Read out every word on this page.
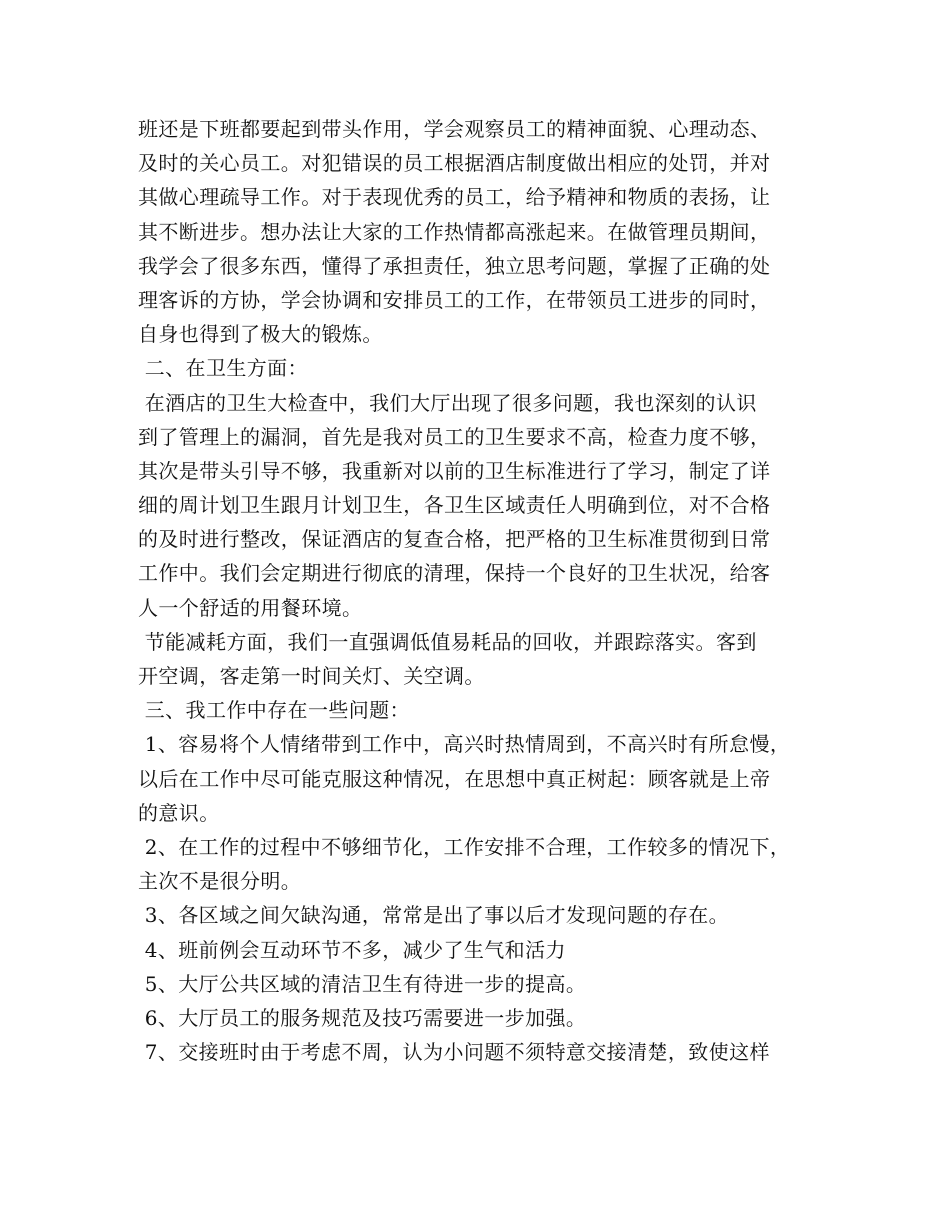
班还是下班都要起到带头作用，学会观察员工的精神面貌、心理动态、
及时的关心员工。对犯错误的员工根据酒店制度做出相应的处罚，并对
其做心理疏导工作。对于表现优秀的员工，给予精神和物质的表扬，让
其不断进步。想办法让大家的工作热情都高涨起来。在做管理员期间，
我学会了很多东西，懂得了承担责任，独立思考问题，掌握了正确的处
理客诉的方协，学会协调和安排员工的工作，在带领员工进步的同时，
自身也得到了极大的锻炼。
二、在卫生方面：
在酒店的卫生大检查中，我们大厅出现了很多问题，我也深刻的认识
到了管理上的漏洞，首先是我对员工的卫生要求不高，检查力度不够，
其次是带头引导不够，我重新对以前的卫生标准进行了学习，制定了详
细的周计划卫生跟月计划卫生，各卫生区域责任人明确到位，对不合格
的及时进行整改，保证酒店的复查合格，把严格的卫生标准贯彻到日常
工作中。我们会定期进行彻底的清理，保持一个良好的卫生状况，给客
人一个舒适的用餐环境。
节能减耗方面，我们一直强调低值易耗品的回收，并跟踪落实。客到
开空调，客走第一时间关灯、关空调。
三、我工作中存在一些问题：
1、容易将个人情绪带到工作中，高兴时热情周到，不高兴时有所怠慢，
以后在工作中尽可能克服这种情况，在思想中真正树起：顾客就是上帝
的意识。
2、在工作的过程中不够细节化，工作安排不合理，工作较多的情况下，
主次不是很分明。
3、各区域之间欠缺沟通，常常是出了事以后才发现问题的存在。
4、班前例会互动环节不多，减少了生气和活力
5、大厅公共区域的清洁卫生有待进一步的提高。
6、大厅员工的服务规范及技巧需要进一步加强。
7、交接班时由于考虑不周，认为小问题不须特意交接清楚，致使这样
